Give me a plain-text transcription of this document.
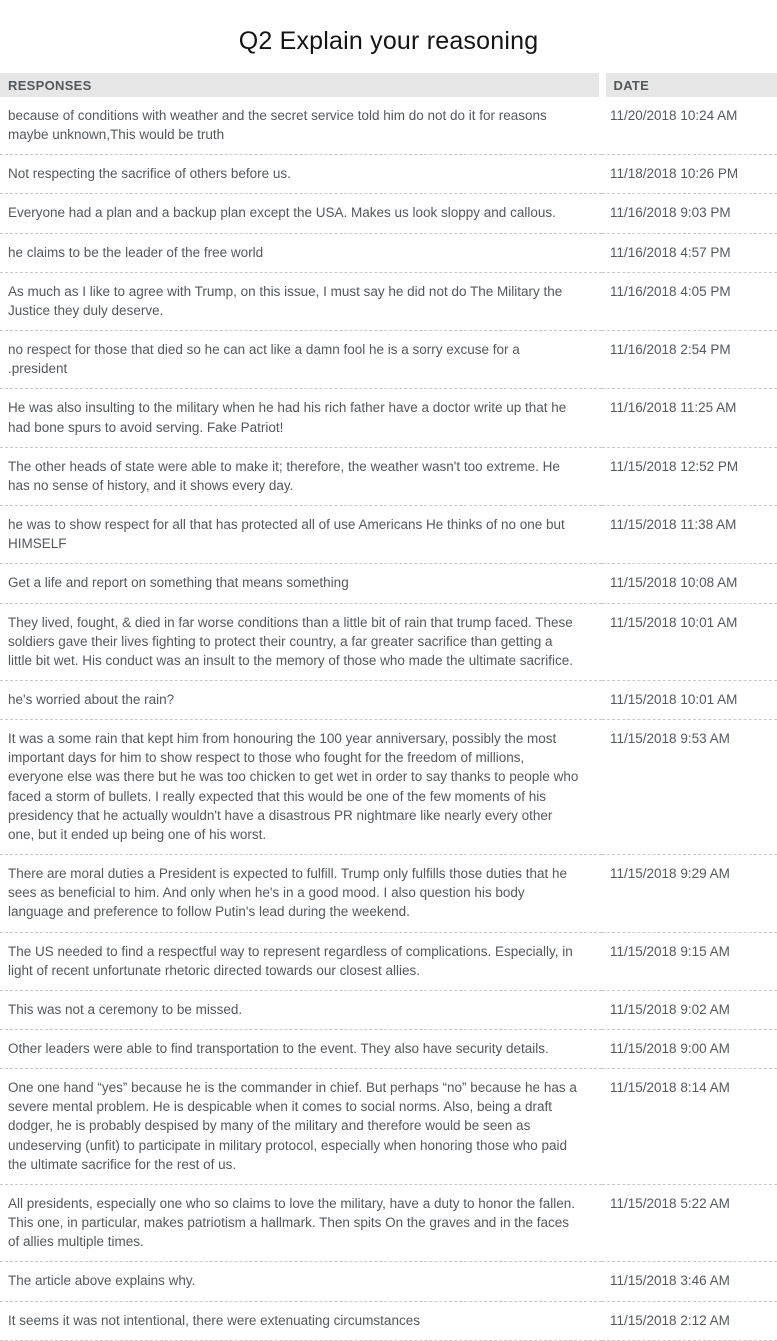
Q2 Explain your reasoning
RESPONSES	DATE
because of conditions with weather and the secret service told him do not do it for reasons maybe unknown,This would be truth	11/20/2018 10:24 AM
Not respecting the sacrifice of others before us.	11/18/2018 10:26 PM
Everyone had a plan and a backup plan except the USA. Makes us look sloppy and callous.	11/16/2018 9:03 PM
he claims to be the leader of the free world	11/16/2018 4:57 PM
As much as I like to agree with Trump, on this issue, I must say he did not do The Military the Justice they duly deserve.	11/16/2018 4:05 PM
no respect for those that died so he can act like a damn fool he is a sorry excuse for a .president	11/16/2018 2:54 PM
He was also insulting to the military when he had his rich father have a doctor write up that he had bone spurs to avoid serving. Fake Patriot!	11/16/2018 11:25 AM
The other heads of state were able to make it; therefore, the weather wasn't too extreme. He has no sense of history, and it shows every day.	11/15/2018 12:52 PM
he was to show respect for all that has protected all of use Americans He thinks of no one but HIMSELF	11/15/2018 11:38 AM
Get a life and report on something that means something	11/15/2018 10:08 AM
They lived, fought, & died in far worse conditions than a little bit of rain that trump faced. These soldiers gave their lives fighting to protect their country, a far greater sacrifice than getting a little bit wet. His conduct was an insult to the memory of those who made the ultimate sacrifice.	11/15/2018 10:01 AM
he's worried about the rain?	11/15/2018 10:01 AM
It was a some rain that kept him from honouring the 100 year anniversary, possibly the most important days for him to show respect to those who fought for the freedom of millions, everyone else was there but he was too chicken to get wet in order to say thanks to people who faced a storm of bullets. I really expected that this would be one of the few moments of his presidency that he actually wouldn't have a disastrous PR nightmare like nearly every other one, but it ended up being one of his worst.	11/15/2018 9:53 AM
There are moral duties a President is expected to fulfill. Trump only fulfills those duties that he sees as beneficial to him. And only when he's in a good mood. I also question his body language and preference to follow Putin's lead during the weekend.	11/15/2018 9:29 AM
The US needed to find a respectful way to represent regardless of complications. Especially, in light of recent unfortunate rhetoric directed towards our closest allies.	11/15/2018 9:15 AM
This was not a ceremony to be missed.	11/15/2018 9:02 AM
Other leaders were able to find transportation to the event. They also have security details.	11/15/2018 9:00 AM
One one hand “yes” because he is the commander in chief. But perhaps “no” because he has a severe mental problem. He is despicable when it comes to social norms. Also, being a draft dodger, he is probably despised by many of the military and therefore would be seen as undeserving (unfit) to participate in military protocol, especially when honoring those who paid the ultimate sacrifice for the rest of us.	11/15/2018 8:14 AM
All presidents, especially one who so claims to love the military, have a duty to honor the fallen. This one, in particular, makes patriotism a hallmark. Then spits On the graves and in the faces of allies multiple times.	11/15/2018 5:22 AM
The article above explains why.	11/15/2018 3:46 AM
It seems it was not intentional, there were extenuating circumstances	11/15/2018 2:12 AM
